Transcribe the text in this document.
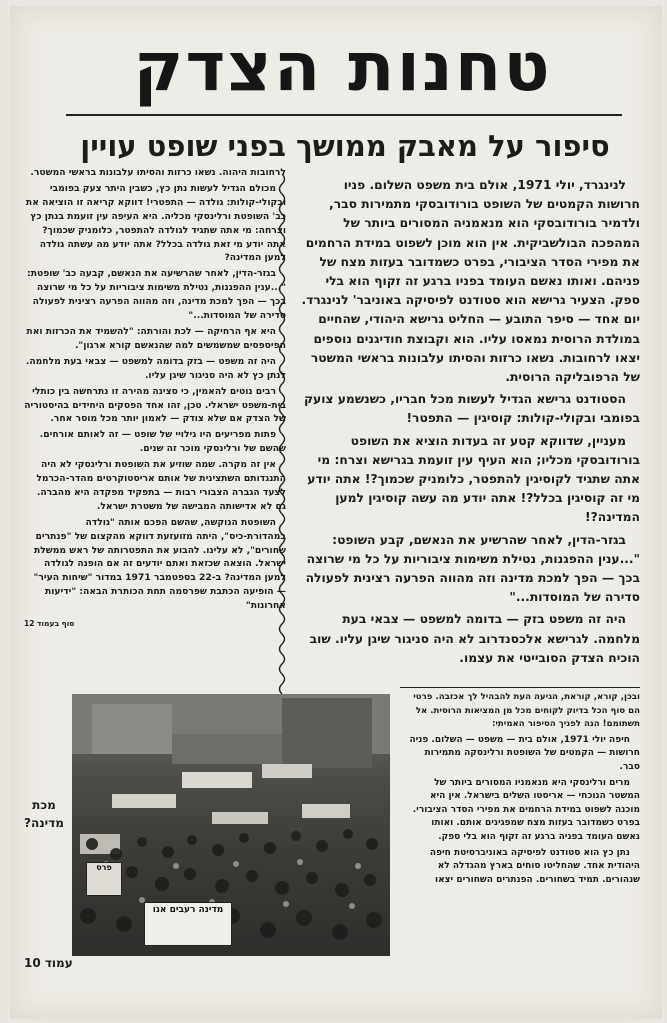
טחנות הצדק
סיפור על מאבק ממושך בפני שופט עויין

לנינגרד, יולי 1971, אולם בית משפט השלום. פניו חרושות הקמטים של השופט בורודובסקי מתמירות סבר, ולדמיר בורודובסקי הוא מנאמניה המסורים ביותר של המהפכה הבולשביקית. אין הוא מוכן לשפוט במידת הרחמים את מפירי הסדר הציבורי, בפרט כשמדובר בעזות מצח של פניהם. ואותו נאשם העומד בפניו ברגע זה זקוף הוא בלי ספק. הצעיר גרישא הוא סטודנט לפיסיקה באוניבר' לנינגרד. יום אחד — סיפר התובע — החליט גרישא היהודי, שהחיים במולדת הרוסית נמאסו עליו. הוא וקבוצת חודיגנים נוספים יצאו לרחובות. נשאו כרזות והסיתו עלבונות בראשי המשטר של הרפובליקה הרוסית.

הסטודנט גרישא הגדיל לעשות מכל חבריו, כשנשמע צועק בפומבי ובקולי-קולות: קוסיגין — התפטר!

מעניין, שדווקא קטע זה בעדות הוציא את השופט בורודובסקי מכליו; הוא העיף עין זועמת בגרישא וצרח: מי אתה שתגיד לקוסיגין להתפטר, כלומניק שכמוך?! אתה יודע מי זה קוסיגין בכלל?! אתה יודע מה עשה קוסיגין למען המדינה?!

בגזר-הדין, לאחר שהרשיע את הנאשם, קבע השופט: "...ענין ההפגנות, נטילת משימות ציבוריות על כל מי שרוצה בכך — הפך למכת מדינה וזה מהווה הפרעה רצינית לפעולה סדירה של המוסדות..."

היה זה משפט בזק — בדומה למשפט — צבאי בעת מלחמה. לגרישא אלכסנדרוב לא היה סניגור שיגן עליו. שוב הוכיח הצדק הסובייטי את עצמו.

לרחובות היהוה. נשאו כרזות והסיתו עלבונות בראשי המשטר.

מכולם הגדיל לעשות נתן כץ, כשבין היתר צעק בפומבי ובקולי-קולות: גולדה — התפטרי! דווקא קריאה זו הוציאה את כב' השופטת ורלינסקי מכליה. היא העיפה עין זועמת בנתן כץ וצרחה: מי אתה שתגיד לגולדה להתפטר, כלומניק שכמוך? אתה יודע מי זאת גולדה בכלל? אתה יודע מה עשתה גולדה למען המדינה?

בגזר-הדין, לאחר שהרשיעה את הנאשם, קבעה כב' שופטת: "...ענין ההפגנות, נטילת משימות ציבוריות על כל מי שרוצה בכך — הפך למכת מדינה, וזה מהווה הפרעה רצינית לפעולה סדירה של המוסדות..."

היא אף הרחיקה — לכת והורתה: "להשמיד את הכרזות ואת הפיספסים שמשמשים למה שהנאשם קורא ארגון".

היה זה משפט — בזק בדומה למשפט — צבאי בעת מלחמה. לנתן כץ לא היה סניגור שיגן עליו.

רבים נוטים להאמין, כי סצינה מהירה זו נתרחשה בין כותלי בית-משפט ישראלי. טכן, זהו אחד הפסקים היחידים בהיסטוריה של הצדק אם שלא צודק — לאמון יותר מכל מוסר אחר.

פתות מפריעים היו גילויי של שופט — זה לאותם אורחים. שהשם של ורלינסקי מוכר זה שנים.

אין זה מקרה. שמה שוזיע את השופטת ורלינסקי לא היה התנגדותם השתצינית של אותם אריסטוקרטים מהדר-הכרמל לצעד הגברה הצבורי רבות — בתפקיד מפקדה היא מהברה. גם לא אדישותה המבישה של משטרת ישראל.

השופטת הנוקשה, שהשם הפכם אותה "גולדה במהדורת-כיס", היתה מזועזעת דווקא מהקצום של "פנתרים שחורים", לא עלינו. להבוע את התפטרותה של ראש ממשלת ישראל. הוצאה שכזאת ואתם יודעים זה אם הופנה לגולדה למען המדינה? ב-22 בספטמבר 1971 במדור "שיחות העיר" — הופיעה הכתבת שפרסמה תחת הכותרת הבאה: "ידיעות אחרונות"

סוף בעמוד 12

מדינה רעבים אנו
פרס
מכת
מדינה?

ובכן, קורא, קוראת, הגיעה העת להבהיל לך אכזבה. פרטי הם סוף הכל בדיוק לקוחים מכל מן המציאות הרוסית. אל תשתומם! הנה לפניך הסיפור האמיתי:

חיפה יולי 1971, אולם בית — משפט — השלום. פניה חרושות — הקמטים של השופטת ורלינסקה מתמירות סבר.

מרים ורלינסקי היא מנאמניו המסורים ביותר של המשטר הנוכחי — אריסטו השלים בישראל. אין היא מוכנה לשפוט במידת הרחמים את מפירי הסדר הציבורי. בפרט כשמדובר בעזות מצח שמפגינים אותם. ואותו נאשם העומד בפניה ברגע זה זקוף הוא בלי ספק.

נתן כץ הוא סטודנט לפיסיקה באוניברסיטת חיפה היהודית אחד. שהחליטו סוחים בארץ מהגדלה לא שנהורים. תמיד בשחורים. הפנתרים השחורים יצאו

עמוד 10
